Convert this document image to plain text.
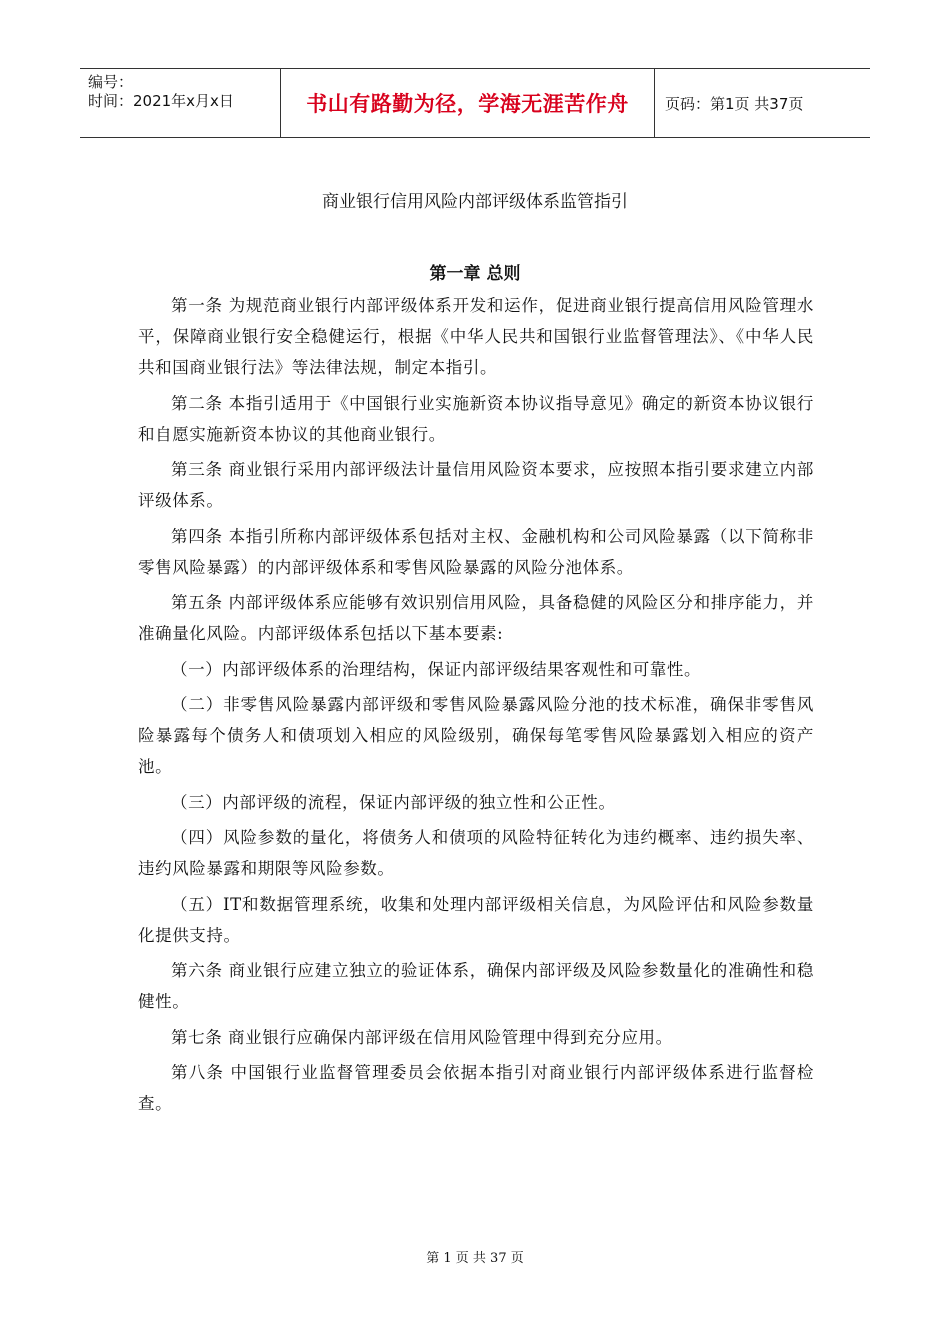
编号：
时间：2021年x月x日	书山有路勤为径，学海无涯苦作舟	页码：第1页 共37页
商业银行信用风险内部评级体系监管指引
第一章 总则

第一条 为规范商业银行内部评级体系开发和运作，促进商业银行提高信用风险管理水平，保障商业银行安全稳健运行，根据《中华人民共和国银行业监督管理法》、《中华人民共和国商业银行法》等法律法规，制定本指引。

第二条 本指引适用于《中国银行业实施新资本协议指导意见》确定的新资本协议银行和自愿实施新资本协议的其他商业银行。

第三条 商业银行采用内部评级法计量信用风险资本要求，应按照本指引要求建立内部评级体系。

第四条 本指引所称内部评级体系包括对主权、金融机构和公司风险暴露（以下简称非零售风险暴露）的内部评级体系和零售风险暴露的风险分池体系。

第五条 内部评级体系应能够有效识别信用风险，具备稳健的风险区分和排序能力，并准确量化风险。内部评级体系包括以下基本要素:

（一）内部评级体系的治理结构，保证内部评级结果客观性和可靠性。

（二）非零售风险暴露内部评级和零售风险暴露风险分池的技术标准，确保非零售风险暴露每个债务人和债项划入相应的风险级别，确保每笔零售风险暴露划入相应的资产池。

（三）内部评级的流程，保证内部评级的独立性和公正性。

（四）风险参数的量化，将债务人和债项的风险特征转化为违约概率、违约损失率、违约风险暴露和期限等风险参数。

（五）IT和数据管理系统，收集和处理内部评级相关信息，为风险评估和风险参数量化提供支持。

第六条 商业银行应建立独立的验证体系，确保内部评级及风险参数量化的准确性和稳健性。

第七条 商业银行应确保内部评级在信用风险管理中得到充分应用。

第八条 中国银行业监督管理委员会依据本指引对商业银行内部评级体系进行监督检查。

第 1 页 共 37 页
